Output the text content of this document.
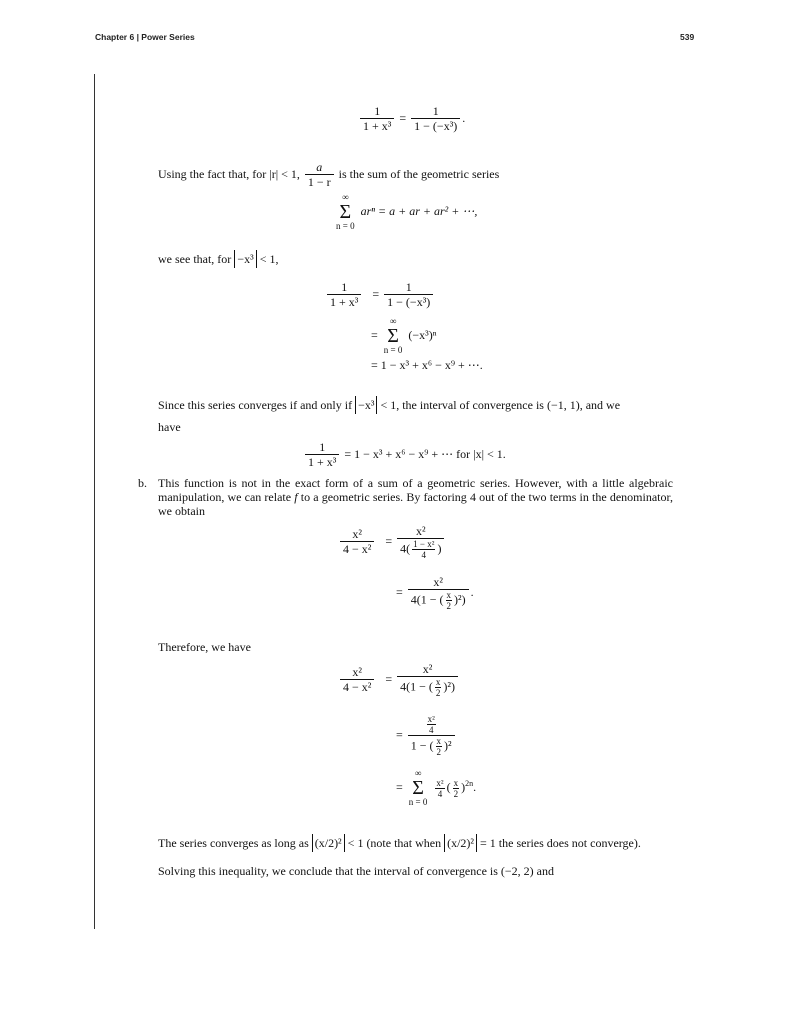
Chapter 6 | Power Series	539
$\frac{1}{\text{1 + x³}} = \frac{1}{\text{1 − (−x³)}}$ .
Using the fact that, for |r| < 1, $\frac{a}{1 - r}$ is the sum of the geometric series
∞
Σ
n = 0
arⁿ = a + ar + ar² + ⋯,
we see that, for −x³ < 1,
$\frac{1}{\text{1 + x³}} = \frac{1}{\text{1 − (−x³)}}$
=
∞
Σ
n = 0
(−x³)ⁿ
= 1 − x³ + x⁶ − x⁹ + ⋯.
Since this series converges if and only if −x³ < 1, the interval of convergence is (−1, 1), and we
have
$\frac{1}{\text{1 + x³}} = 1 - x^3 + x^6 - x^9$ + ⋯ for |x| < 1.
b. This function is not in the exact form of a sum of a geometric series. However, with a little algebraic manipulation, we can relate f to a geometric series. By factoring 4 out of the two terms in the denominator, we obtain
$\frac{\text{x²}}{\text{4 − x²}} = \frac{\text{x²}}{4( \frac{\text{1 − x²}}{4} )}$
= $\frac{\text{x²}}{4(1 - ( \frac{x}{2} )^2)}$ .
Therefore, we have
$\frac{\text{x²}}{\text{4 − x²}} = \frac{\text{x²}}{4(1 - ( \frac{x}{2} )^2)}$
= $\frac{\frac{\text{x²}}{4}}{1 - ( \frac{x}{2} )^2}$
=
∞
Σ
n = 0

$\frac{\text{x²}}{4}$ ( $\frac{x}{2} )^{2n}$.
The series converges as long as (x/2)² < 1 (note that when (x/2)² = 1 the series does not converge).
Solving this inequality, we conclude that the interval of convergence is (−2, 2) and
